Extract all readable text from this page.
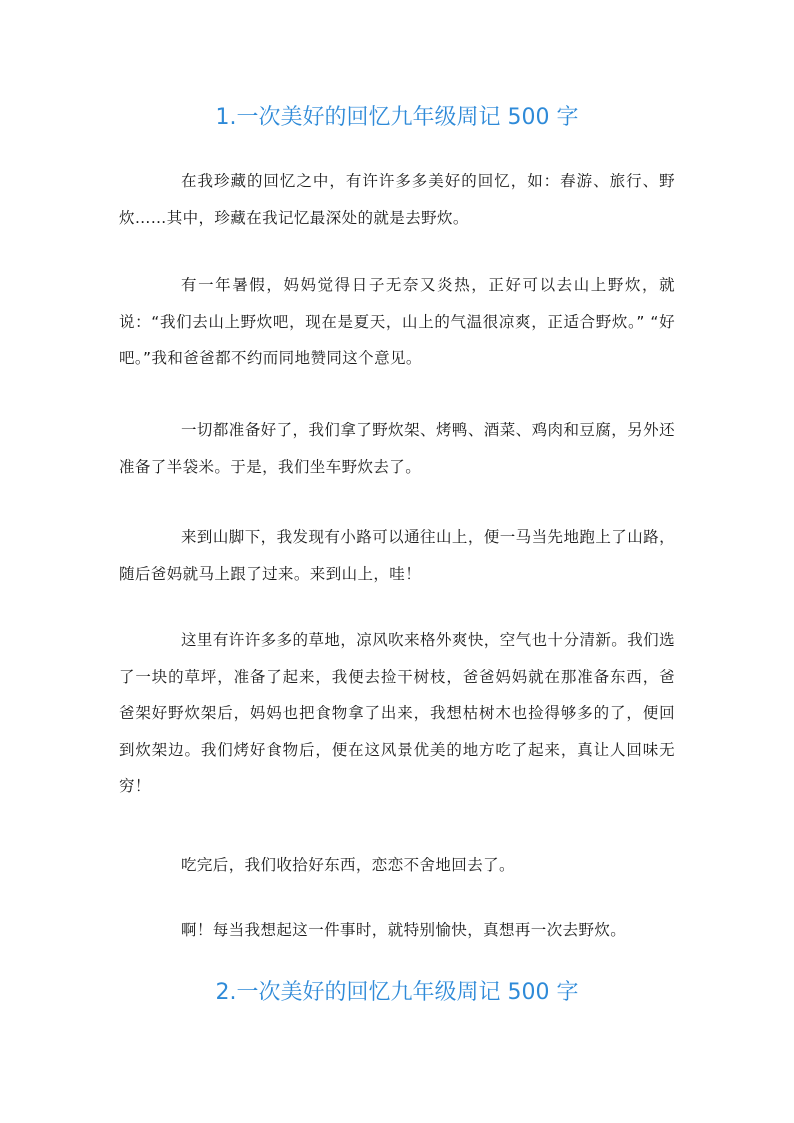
1.一次美好的回忆九年级周记 500 字

在我珍藏的回忆之中，有许许多多美好的回忆，如：春游、旅行、野炊……其中，珍藏在我记忆最深处的就是去野炊。

有一年暑假，妈妈觉得日子无奈又炎热，正好可以去山上野炊，就说：“我们去山上野炊吧，现在是夏天，山上的气温很凉爽，正适合野炊。” “好吧。”我和爸爸都不约而同地赞同这个意见。

一切都准备好了，我们拿了野炊架、烤鸭、酒菜、鸡肉和豆腐，另外还准备了半袋米。于是，我们坐车野炊去了。

来到山脚下，我发现有小路可以通往山上，便一马当先地跑上了山路，随后爸妈就马上跟了过来。来到山上，哇！

这里有许许多多的草地，凉风吹来格外爽快，空气也十分清新。我们选了一块的草坪，准备了起来，我便去捡干树枝，爸爸妈妈就在那准备东西，爸爸架好野炊架后，妈妈也把食物拿了出来，我想枯树木也捡得够多的了，便回到炊架边。我们烤好食物后，便在这风景优美的地方吃了起来，真让人回味无穷！

吃完后，我们收拾好东西，恋恋不舍地回去了。

啊！每当我想起这一件事时，就特别愉快，真想再一次去野炊。

2.一次美好的回忆九年级周记 500 字
